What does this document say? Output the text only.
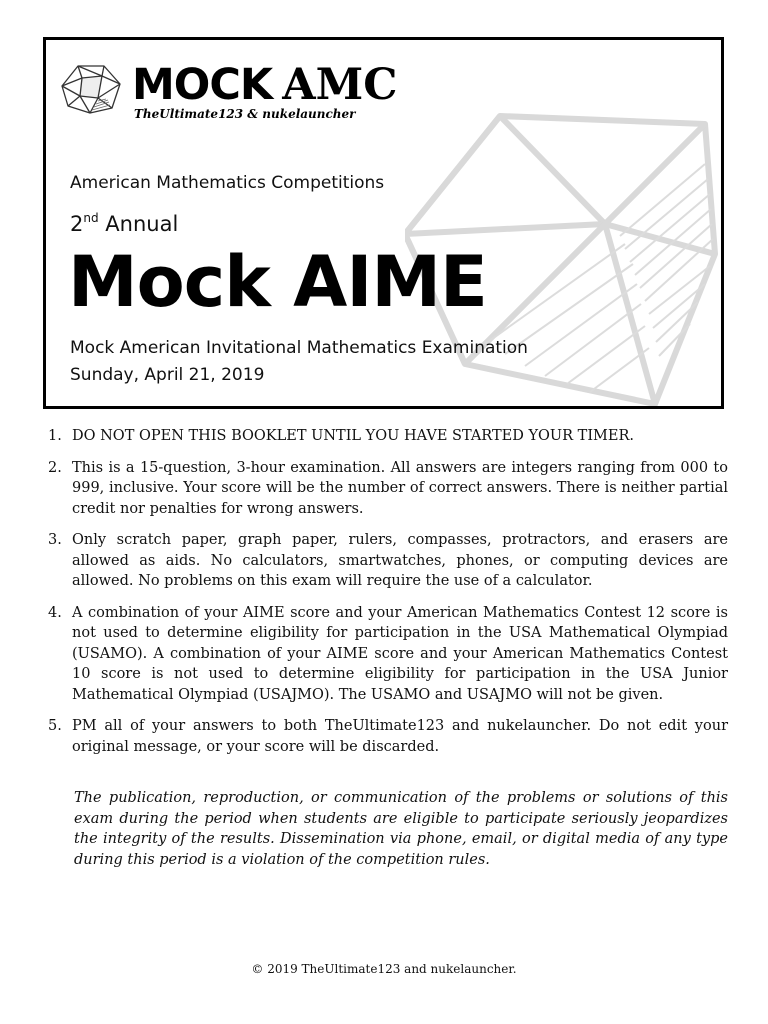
MOCK AMC
TheUltimate123 & nukelauncher
American Mathematics Competitions
2nd Annual
Mock AIME
Mock American Invitational Mathematics Examination
Sunday, April 21, 2019
1. DO NOT OPEN THIS BOOKLET UNTIL YOU HAVE STARTED YOUR TIMER.
2. This is a 15-question, 3-hour examination. All answers are integers ranging from 000 to 999, inclusive. Your score will be the number of correct answers. There is neither partial credit nor penalties for wrong answers.
3. Only scratch paper, graph paper, rulers, compasses, protractors, and erasers are allowed as aids. No calculators, smartwatches, phones, or computing devices are allowed. No problems on this exam will require the use of a calculator.
4. A combination of your AIME score and your American Mathematics Contest 12 score is not used to determine eligibility for participation in the USA Mathematical Olympiad (USAMO). A combination of your AIME score and your American Mathematics Contest 10 score is not used to determine eligibility for participation in the USA Junior Mathematical Olympiad (USAJMO). The USAMO and USAJMO will not be given.
5. PM all of your answers to both TheUltimate123 and nukelauncher. Do not edit your original message, or your score will be discarded.
The publication, reproduction, or communication of the problems or solutions of this exam during the period when students are eligible to participate seriously jeopardizes the integrity of the results. Dissemination via phone, email, or digital media of any type during this period is a violation of the competition rules.
© 2019 TheUltimate123 and nukelauncher.
